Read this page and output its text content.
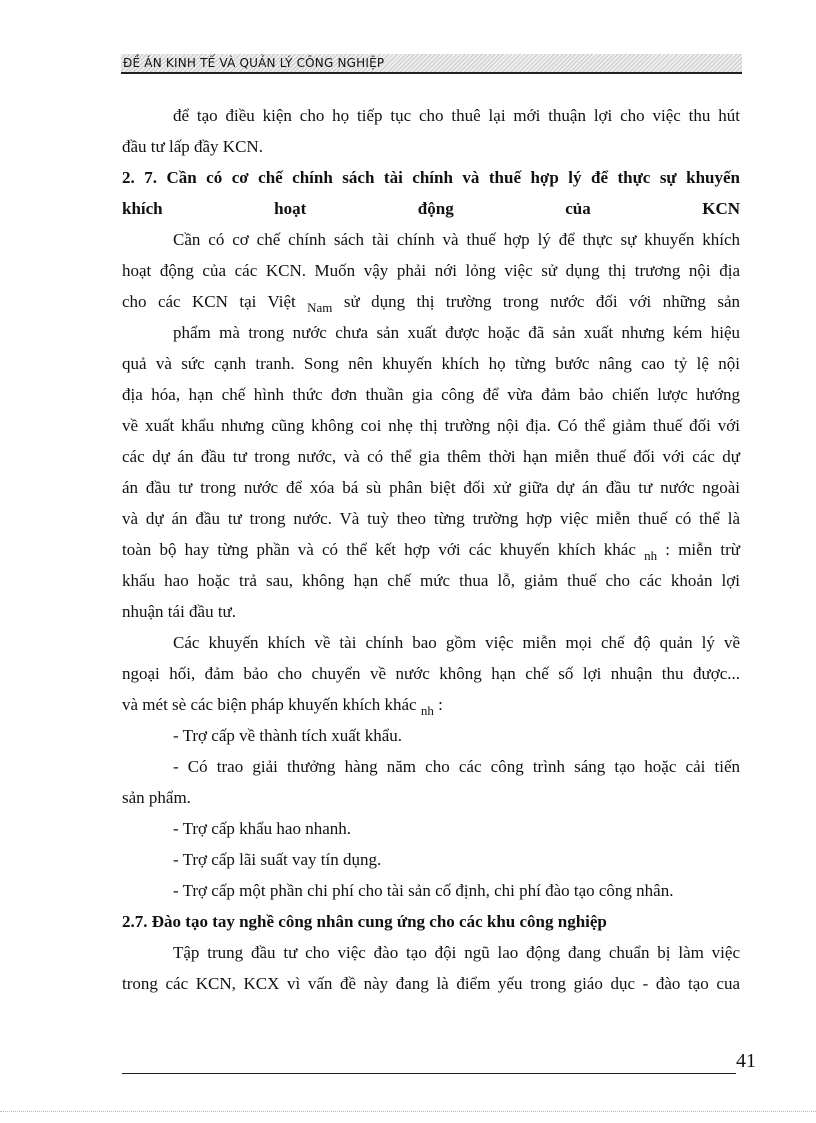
ĐỀ ÁN KINH TẾ VÀ QUẢN LÝ CÔNG NGHIỆP
để tạo điều kiện cho họ tiếp tục cho thuê lại mới thuận lợi cho việc thu hút
đầu tư lấp đầy KCN.
2. 7. Cần có cơ chế chính sách tài chính và thuế hợp lý để thực sự khuyến
khích hoạt động của KCN
Cần có cơ chế chính sách tài chính và thuế hợp lý để thực sự khuyến khích
hoạt động của các KCN. Muốn vậy phải nới lỏng việc sử dụng thị trương nội địa
cho các KCN tại Việt $_{Nam}$ sử dụng thị trường trong nước đối với những sản
phẩm mà trong nước chưa sản xuất được hoặc đã sản xuất nhưng kém hiệu
quả và sức cạnh tranh. Song nên khuyến khích họ từng bước nâng cao tỷ lệ nội
địa hóa, hạn chế hình thức đơn thuần gia công để vừa đảm bảo chiến lược hướng
về xuất khẩu nhưng cũng không coi nhẹ thị trường nội địa. Có thể giảm thuế đối với
các dự án đầu tư trong nước, và có thể gia thêm thời hạn miễn thuế đối với các dự
án đầu tư trong nước để xóa bá sù phân biệt đối xử giữa dự án đầu tư nước ngoài
và dự án đầu tư trong nước. Và tuỳ theo từng trường hợp việc miễn thuế có thể là
toàn bộ hay từng phần và có thể kết hợp với các khuyến khích khác $_{nh}$ : miễn trừ
khấu hao hoặc trả sau, không hạn chế mức thua lỗ, giảm thuế cho các khoản lợi
nhuận tái đầu tư.
Các khuyến khích về tài chính bao gồm việc miễn mọi chế độ quản lý về
ngoại hối, đảm bảo cho chuyển về nước không hạn chế số lợi nhuận thu được...
và mét sè các biện pháp khuyến khích khác $_{nh}$ :
- Trợ cấp về thành tích xuất khẩu.
- Có trao giải thưởng hàng năm cho các công trình sáng tạo hoặc cải tiến
sản phẩm.
- Trợ cấp khẩu hao nhanh.
- Trợ cấp lãi suất vay tín dụng.
- Trợ cấp một phần chi phí cho tài sản cố định, chi phí đào tạo công nhân.
2.7. Đào tạo tay nghề công nhân cung ứng cho các khu công nghiệp
Tập trung đầu tư cho việc đào tạo đội ngũ lao động đang chuẩn bị làm việc
trong các KCN, KCX vì vấn đề này đang là điểm yếu trong giáo dục - đào tạo cua
41
